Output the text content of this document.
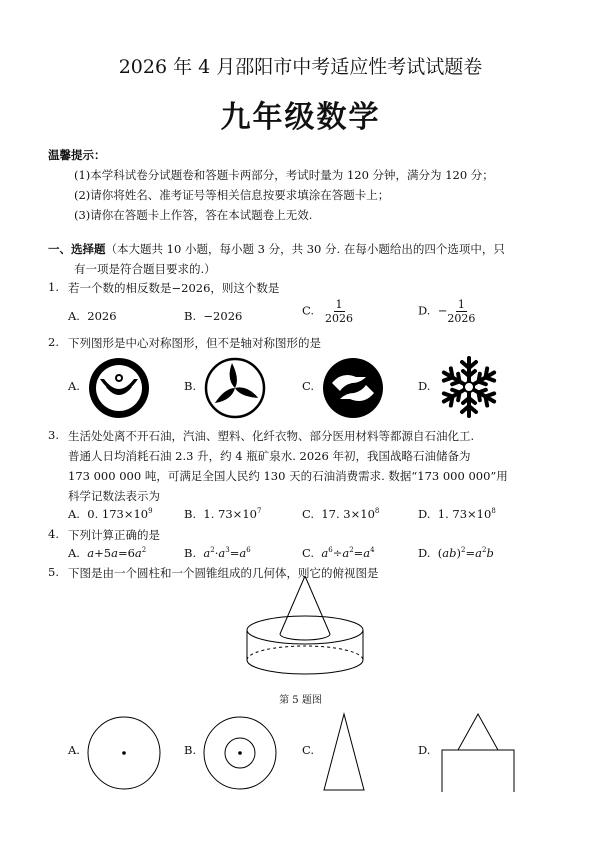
2026 年 4 月邵阳市中考适应性考试试题卷
九年级数学
温馨提示：
(1)本学科试卷分试题卷和答题卡两部分，考试时量为 120 分钟，满分为 120 分；
(2)请你将姓名、准考证号等相关信息按要求填涂在答题卡上；
(3)请你在答题卡上作答，答在本试题卷上无效.
一、选择题（本大题共 10 小题，每小题 3 分，共 30 分. 在每小题给出的四个选项中，只
有一项是符合题目要求的.）
1. 若一个数的相反数是−2026，则这个数是
A. 2026	B. −2026	C. $\frac{1}{2026}$	D. − $\frac{1}{2026}$
2. 下列图形是中心对称图形，但不是轴对称图形的是
A.	B.	C.	D.
3. 生活处处离不开石油，汽油、塑料、化纤衣物、部分医用材料等都源自石油化工.
普通人日均消耗石油 2.3 升，约 4 瓶矿泉水. 2026 年初，我国战略石油储备为
173 000 000 吨，可满足全国人民约 130 天的石油消费需求. 数据“173 000 000”用
科学记数法表示为
A. 0. $173\times 10^9$	B. 1. $73\times 10^7$	C. 17. $3\times 10^8$	D. 1. $73\times 10^8$
4. 下列计算正确的是
A. $a+5a=6a^2$	B. $a^2\cdot a^3=a^6$	C. $a^6\div a^2=a^4$	D.  $(ab)^2=a^2b$
5. 下图是由一个圆柱和一个圆锥组成的几何体，则它的俯视图是
第 5 题图
A.	B.	C.	D.
